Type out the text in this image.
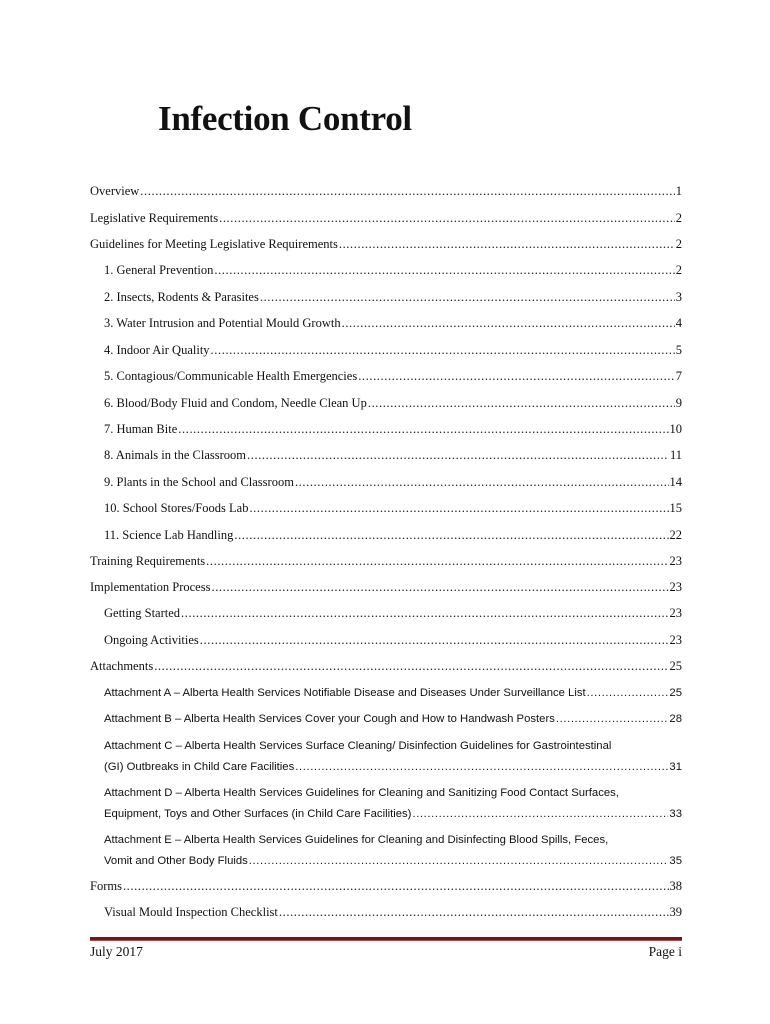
Infection Control
Overview .....	1
Legislative Requirements .....	2
Guidelines for Meeting Legislative Requirements .....	2
1. General Prevention .....	2
2. Insects, Rodents & Parasites .....	3
3. Water Intrusion and Potential Mould Growth .....	4
4. Indoor Air Quality .....	5
5. Contagious/Communicable Health Emergencies .....	7
6. Blood/Body Fluid and Condom, Needle Clean Up .....	9
7. Human Bite .....	10
8. Animals in the Classroom .....	11
9. Plants in the School and Classroom .....	14
10. School Stores/Foods Lab .....	15
11. Science Lab Handling .....	22
Training Requirements .....	23
Implementation Process .....	23
Getting Started .....	23
Ongoing Activities .....	23
Attachments .....	25
Attachment A – Alberta Health Services Notifiable Disease and Diseases Under Surveillance List .....	25
Attachment B – Alberta Health Services Cover your Cough and How to Handwash Posters .....	28
Attachment C – Alberta Health Services Surface Cleaning/ Disinfection Guidelines for Gastrointestinal
(GI) Outbreaks in Child Care Facilities .....	31
Attachment D – Alberta Health Services Guidelines for Cleaning and Sanitizing Food Contact Surfaces,
Equipment, Toys and Other Surfaces (in Child Care Facilities) .....	33
Attachment E – Alberta Health Services Guidelines for Cleaning and Disinfecting Blood Spills, Feces,
Vomit and Other Body Fluids .....	35
Forms .....	38
Visual Mould Inspection Checklist .....	39
July 2017	Page i
